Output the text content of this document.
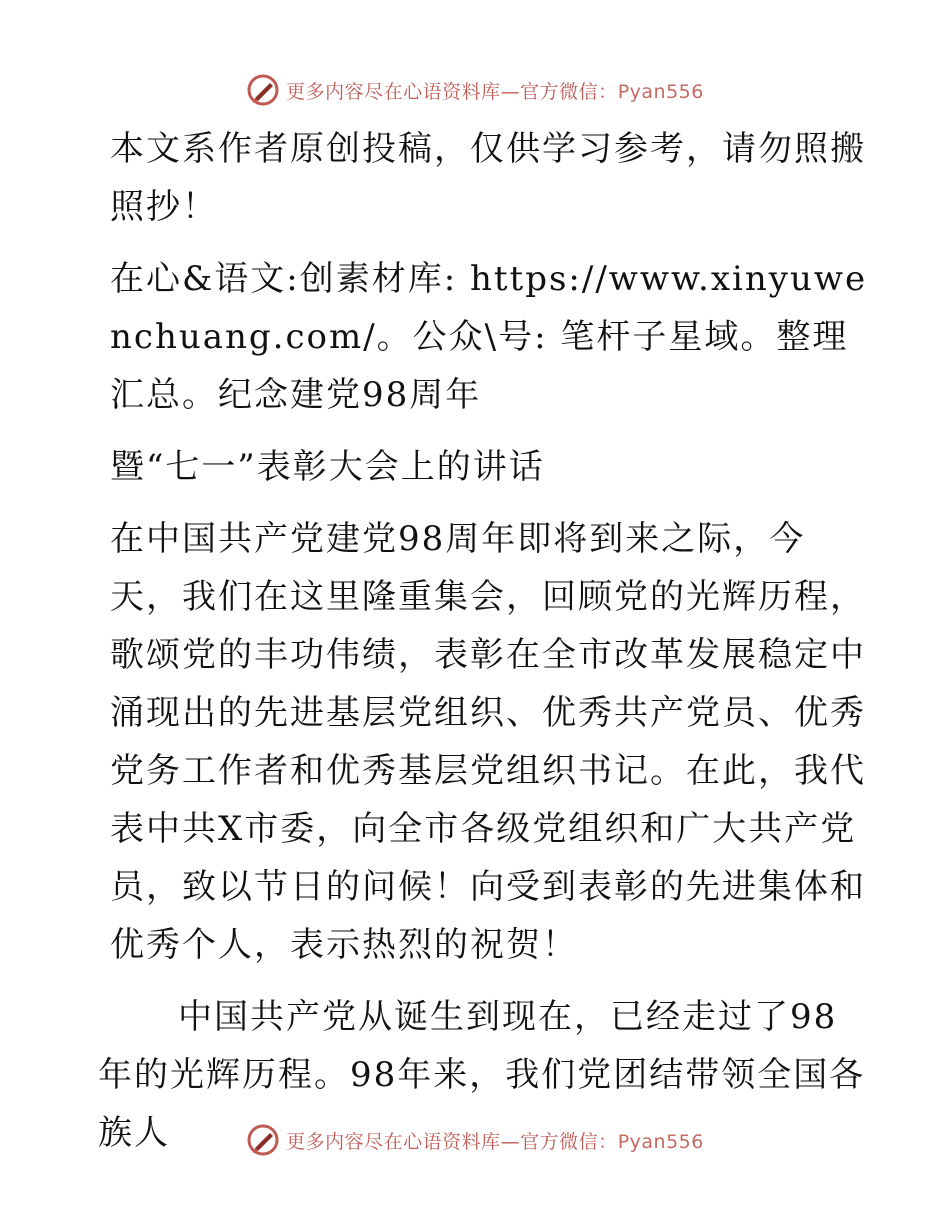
更多内容尽在心语资料库—官方微信：Pyan556

本文系作者原创投稿，仅供学习参考，请勿照搬照抄！

在心&语文:创素材库: https://www.xinyuwenchuang.com/。公众\号: 笔杆子星域。整理汇总。纪念建党98周年

暨“七一”表彰大会上的讲话

在中国共产党建党98周年即将到来之际，今天，我们在这里隆重集会，回顾党的光辉历程，歌颂党的丰功伟绩，表彰在全市改革发展稳定中涌现出的先进基层党组织、优秀共产党员、优秀党务工作者和优秀基层党组织书记。在此，我代表中共X市委，向全市各级党组织和广大共产党员，致以节日的问候！向受到表彰的先进集体和优秀个人，表示热烈的祝贺！

中国共产党从诞生到现在，已经走过了98年的光辉历程。98年来，我们党团结带领全国各族人	更多内容尽在心语资料库—官方微信：Pyan556
